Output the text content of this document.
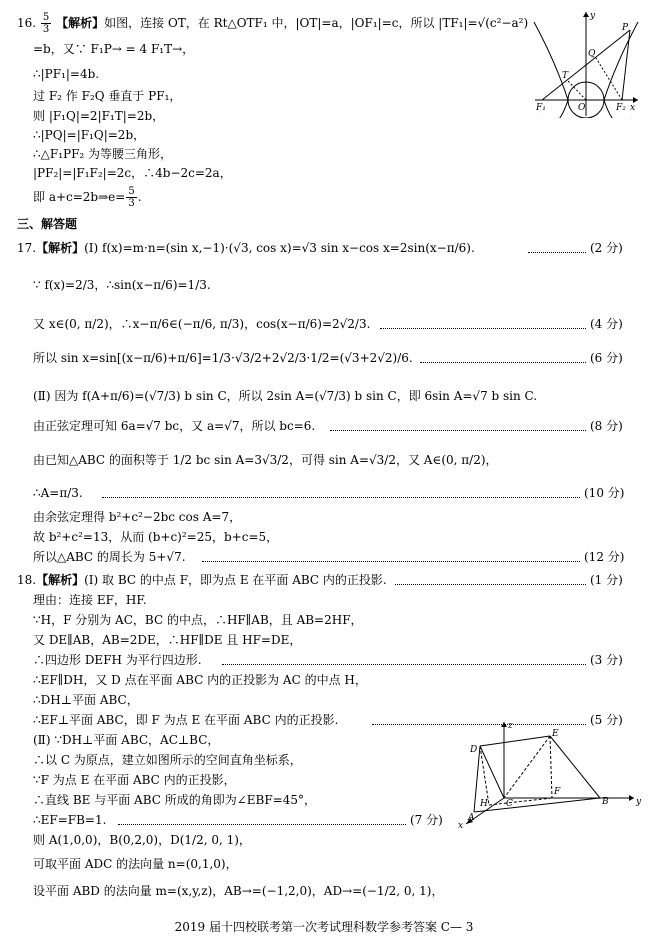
16. $\frac{5}{3}$ 【解析】如图，连接 OT，在 Rt△OTF₁ 中，|OT|=a，|OF₁|=c，所以 |TF₁|=√(c²−a²)
=b，又∵ F₁P→ = 4 F₁T→，
∴|PF₁|=4b.
过 F₂ 作 F₂Q 垂直于 PF₁，
则 |F₁Q|=2|F₁T|=2b，
∴|PQ|=|F₁Q|=2b，
∴△F₁PF₂ 为等腰三角形，
|PF₂|=|F₁F₂|=2c，∴4b−2c=2a，
即 a+c=2b⇒e= $\frac{5}{3}$ .
P
Q
T
O
F₁	F₂ x
y
三、解答题
17.【解析】(Ⅰ) f(x)=m·n=(sin x,−1)·(√3, cos x)=√3 sin x−cos x=2sin(x−π/6).	(2 分)
∵ f(x)=2/3，∴sin(x−π/6)=1/3.
又 x∈(0, π/2)，∴x−π/6∈(−π/6, π/3)，cos(x−π/6)=2√2/3.	(4 分)
所以 sin x=sin[(x−π/6)+π/6]=1/3·√3/2+2√2/3·1/2=(√3+2√2)/6.	(6 分)
(Ⅱ) 因为 f(A+π/6)=(√7/3) b sin C，所以 2sin A=(√7/3) b sin C，即 6sin A=√7 b sin C.
由正弦定理可知 6a=√7 bc，又 a=√7，所以 bc=6.	(8 分)
由已知△ABC 的面积等于 1/2 bc sin A=3√3/2，可得 sin A=√3/2，又 A∈(0, π/2)，
∴A=π/3.	(10 分)
由余弦定理得 b²+c²−2bc cos A=7，
故 b²+c²=13，从而 (b+c)²=25，b+c=5，
所以△ABC 的周长为 5+√7.	(12 分)
18.【解析】(Ⅰ) 取 BC 的中点 F，即为点 E 在平面 ABC 内的正投影.	(1 分)
理由：连接 EF，HF.
∵H，F 分别为 AC，BC 的中点，∴HF∥AB，且 AB=2HF，
又 DE∥AB，AB=2DE，∴HF∥DE 且 HF=DE，
∴四边形 DEFH 为平行四边形.	(3 分)
∴EF∥DH，又 D 点在平面 ABC 内的正投影为 AC 的中点 H，
∴DH⊥平面 ABC，
∴EF⊥平面 ABC，即 F 为点 E 在平面 ABC 内的正投影.	(5 分)
(Ⅱ) ∵DH⊥平面 ABC，AC⊥BC，
∴以 C 为原点，建立如图所示的空间直角坐标系，
∵F 为点 E 在平面 ABC 内的正投影，
∴直线 BE 与平面 ABC 所成的角即为∠EBF=45°，
∴EF=FB=1.	(7 分)
则 A(1,0,0)，B(0,2,0)，D(1/2, 0, 1)，
可取平面 ADC 的法向量 n=(0,1,0)，
设平面 ABD 的法向量 m=(x,y,z)，AB→=(−1,2,0)，AD→=(−1/2, 0, 1)，
D
E
H C
F
B
A
x
y
z
2019 届十四校联考第一次考试理科数学参考答案 C— 3
